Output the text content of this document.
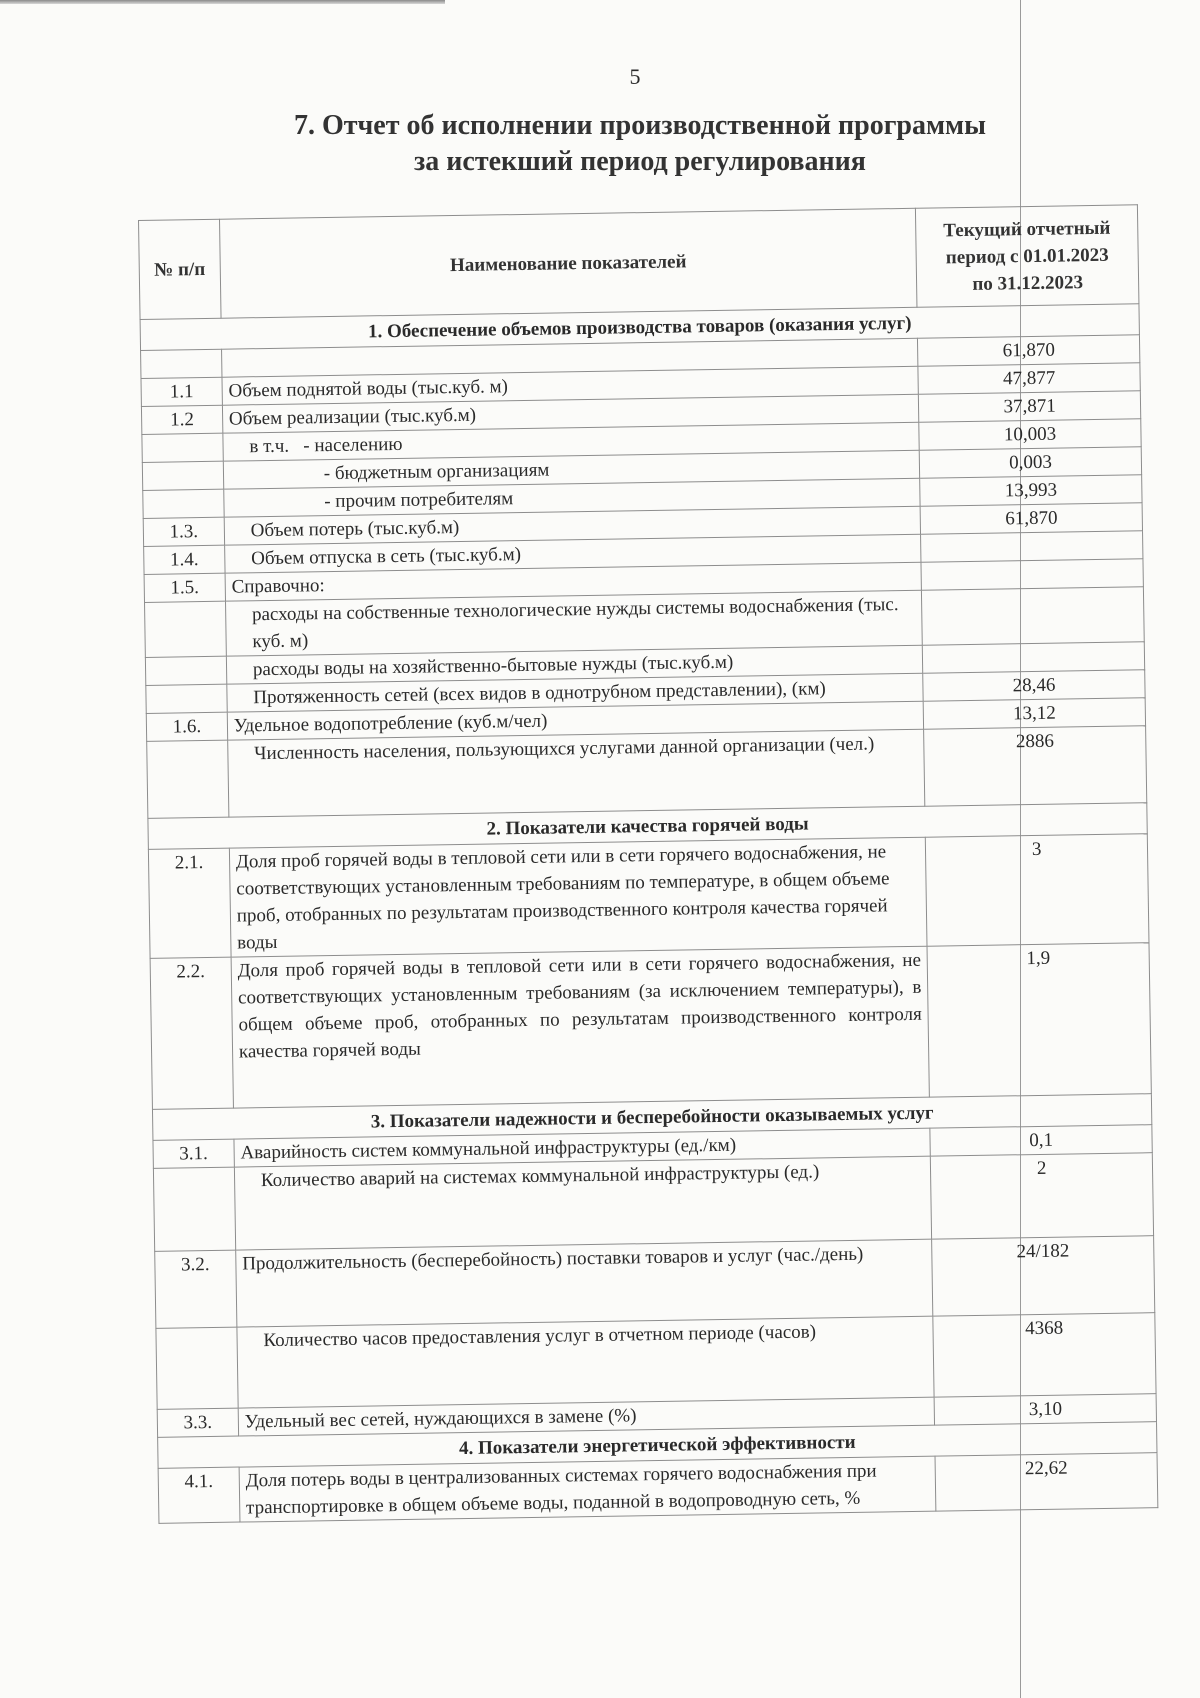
5
7. Отчет об исполнении производственной программы
за истекший период регулирования
№ п/п	Наименование показателей	Текущий отчетный
период с 01.01.2023
по 31.12.2023

1. Обеспечение объемов производства товаров (оказания услуг)		
		61,870
1.1	Объем поднятой воды (тыс.куб. м)	47,877
1.2	Объем реализации (тыс.куб.м)	37,871
	в т.ч. - населению	10,003
	- бюджетным организациям	0,003
	- прочим потребителям	13,993
1.3.	Объем потерь (тыс.куб.м)	61,870
1.4.	Объем отпуска в сеть (тыс.куб.м)	
1.5.	Справочно:	
	расходы на собственные технологические нужды системы водоснабжения (тыс. куб. м)	
	расходы воды на хозяйственно-бытовые нужды (тыс.куб.м)	
	Протяженность сетей (всех видов в однотрубном представлении), (км)	28,46
1.6.	Удельное водопотребление (куб.м/чел)	13,12
	Численность населения, пользующихся услугами данной организации (чел.)	2886
2. Показатели качества горячей воды		
2.1.	Доля проб горячей воды в тепловой сети или в сети горячего водоснабжения, не соответствующих установленным требованиям по температуре, в общем объеме проб, отобранных по результатам производственного контроля качества горячей воды	3
2.2.	Доля проб горячей воды в тепловой сети или в сети горячего водоснабжения, не соответствующих установленным требованиям (за исключением температуры), в общем объеме проб, отобранных по результатам производственного контроля качества горячей воды	1,9
3. Показатели надежности и бесперебойности оказываемых услуг		
3.1.	Аварийность систем коммунальной инфраструктуры (ед./км)	0,1
	Количество аварий на системах коммунальной инфраструктуры (ед.)	2
3.2.	Продолжительность (бесперебойность) поставки товаров и услуг (час./день)	24/182
	Количество часов предоставления услуг в отчетном периоде (часов)	4368
3.3.	Удельный вес сетей, нуждающихся в замене (%)	3,10
4. Показатели энергетической эффективности		
4.1.	Доля потерь воды в централизованных системах горячего водоснабжения при транспортировке в общем объеме воды, поданной в водопроводную сеть, %	22,62
